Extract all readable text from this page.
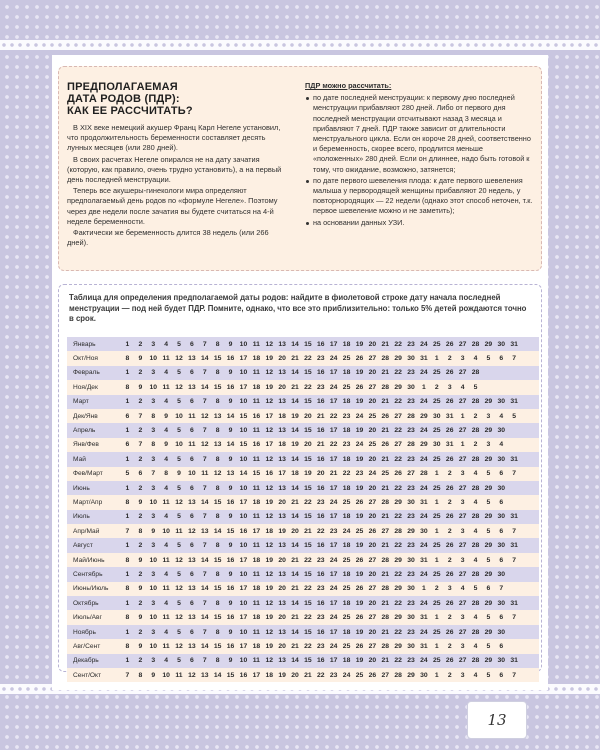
ПРЕДПОЛАГАЕМАЯ
ДАТА РОДОВ (ПДР):
КАК ЕЕ РАССЧИТАТЬ?

В XIX веке немецкий акушер Франц Карл Негеле установил, что продолжительность беременности составляет десять лунных месяцев (или 280 дней).

В своих расчетах Негеле опирался не на дату зачатия (которую, как правило, очень трудно установить), а на первый день последней менструации.

Теперь все акушеры-гинекологи мира определяют предполагаемый день родов по «формуле Негеле». Поэтому через две недели после зачатия вы будете считаться на 4-й неделе беременности.

Фактически же беременность длится 38 недель (или 266 дней).

ПДР можно рассчитать:
по дате последней менструации: к первому дню последней менструации прибавляют 280 дней. Либо от первого дня последней менструации отсчитывают назад 3 месяца и прибавляют 7 дней. ПДР также зависит от длительности менструального цикла. Если он короче 28 дней, соответственно и беременность, скорее всего, продлится меньше «положенных» 280 дней. Если он длиннее, надо быть готовой к тому, что ожидание, возможно, затянется;
по дате первого шевеления плода: к дате первого шевеления малыша у первородящей женщины прибавляют 20 недель, у повторнородящих — 22 недели (однако этот способ неточен, т.к. первое шевеление можно и не заметить);
на основании данных УЗИ.
Таблица для определения предполагаемой даты родов: найдите в фиолетовой строке дату начала последней менструации — под ней будет ПДР. Помните, однако, что все это приблизительно: только 5% детей рождаются точно в срок.
Январь	1	2	3	4	5	6	7	8	9	10 11 12 13 14 15 16 17 18 19 20 21 22 23 24 25 26 27 28 29 30 31
Окт/Ноя	8	9	10 11 12 13 14 15 16 17 18 19 20 21 22 23 24 25 26 27 28 29 30 31	1	2	3	4	5	6	7
Февраль	1	2	3	4	5	6	7	8	9	10 11 12 13 14 15 16 17 18 19 20 21 22 23 24 25 26 27 28
Ноя/Дек	8	9	10 11 12 13 14 15 16 17 18 19 20 21 22 23 24 25 26 27 28 29 30	1	2	3	4	5
Март	1	2	3	4	5	6	7	8	9	10 11 12 13 14 15 16 17 18 19 20 21 22 23 24 25 26 27 28 29 30 31
Дек/Янв	6	7	8	9	10 11 12 13 14 15 16 17 18 19 20 21 22 23 24 25 26 27 28 29 30 31	1	2	3	4	5
Апрель	1	2	3	4	5	6	7	8	9	10 11 12 13 14 15 16 17 18 19 20 21 22 23 24 25 26 27 28 29 30
Янв/Фев	6	7	8	9	10 11 12 13 14 15 16 17 18 19 20 21 22 23 24 25 26 27 28 29 30 31	1	2	3	4
Май	1	2	3	4	5	6	7	8	9	10 11 12 13 14 15 16 17 18 19 20 21 22 23 24 25 26 27 28 29 30 31
Фев/Март	5	6	7	8	9	10 11 12 13 14 15 16 17 18 19 20 21 22 23 24 25 26 27 28	1	2	3	4	5	6	7
Июнь	1	2	3	4	5	6	7	8	9	10 11 12 13 14 15 16 17 18 19 20 21 22 23 24 25 26 27 28 29 30
Март/Апр	8	9	10 11 12 13 14 15 16 17 18 19 20 21 22 23 24 25 26 27 28 29 30 31	1	2	3	4	5	6
Июль	1	2	3	4	5	6	7	8	9	10 11 12 13 14 15 16 17 18 19 20 21 22 23 24 25 26 27 28 29 30 31
Апр/Май	7	8	9	10 11 12 13 14 15 16 17 18 19 20 21 22 23 24 25 26 27 28 29 30	1	2	3	4	5	6	7
Август	1	2	3	4	5	6	7	8	9	10 11 12 13 14 15 16 17 18 19 20 21 22 23 24 25 26 27 28 29 30 31
Май/Июнь	8	9	10 11 12 13 14 15 16 17 18 19 20 21 22 23 24 25 26 27 28 29 30 31	1	2	3	4	5	6	7
Сентябрь	1	2	3	4	5	6	7	8	9	10 11 12 13 14 15 16 17 18 19 20 21 22 23 24 25 26 27 28 29 30
Июнь/Июль	8	9	10 11 12 13 14 15 16 17 18 19 20 21 22 23 24 25 26 27 28 29 30	1	2	3	4	5	6	7
Октябрь	1	2	3	4	5	6	7	8	9	10 11 12 13 14 15 16 17 18 19 20 21 22 23 24 25 26 27 28 29 30 31
Июль/Авг	8	9	10 11 12 13 14 15 16 17 18 19 20 21 22 23 24 25 26 27 28 29 30 31	1	2	3	4	5	6	7
Ноябрь	1	2	3	4	5	6	7	8	9	10 11 12 13 14 15 16 17 18 19 20 21 22 23 24 25 26 27 28 29 30
Авг/Сент	8	9	10 11 12 13 14 15 16 17 18 19 20 21 22 23 24 25 26 27 28 29 30 31	1	2	3	4	5	6
Декабрь	1	2	3	4	5	6	7	8	9	10 11 12 13 14 15 16 17 18 19 20 21 22 23 24 25 26 27 28 29 30 31
Сент/Окт	7	8	9	10 11 12 13 14 15 16 17 18 19 20 21 22 23 24 25 26 27 28 29 30	1	2	3	4	5	6	7
13
